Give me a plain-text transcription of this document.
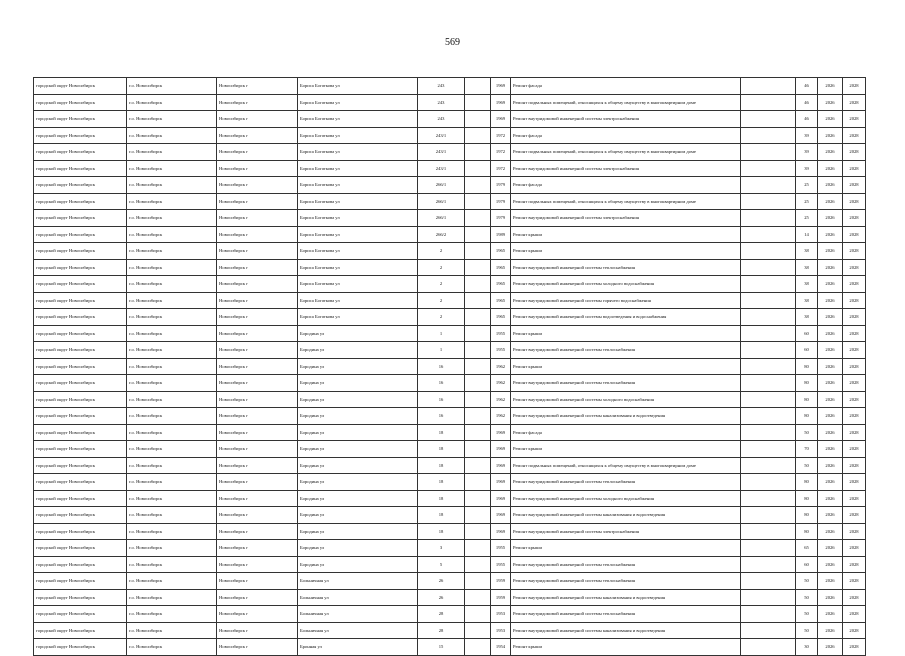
569
городской округ Новосибирск	г.о. Новосибирск	Новосибирск г	Бориса Богаткова ул	243		1969	Ремонт фасада		46	2026	2028
городской округ Новосибирск	г.о. Новосибирск	Новосибирск г	Бориса Богаткова ул	243		1969	Ремонт подвальных помещений, относящихся к общему имуществу в многоквартирном доме		46	2026	2028
городской округ Новосибирск	г.о. Новосибирск	Новосибирск г	Бориса Богаткова ул	243		1969	Ремонт внутридомовой инженерной системы электроснабжения		46	2026	2028
городской округ Новосибирск	г.о. Новосибирск	Новосибирск г	Бориса Богаткова ул	243/1		1972	Ремонт фасада		39	2026	2028
городской округ Новосибирск	г.о. Новосибирск	Новосибирск г	Бориса Богаткова ул	243/1		1972	Ремонт подвальных помещений, относящихся к общему имуществу в многоквартирном доме		39	2026	2028
городской округ Новосибирск	г.о. Новосибирск	Новосибирск г	Бориса Богаткова ул	243/1		1972	Ремонт внутридомовой инженерной системы электроснабжения		39	2026	2028
городской округ Новосибирск	г.о. Новосибирск	Новосибирск г	Бориса Богаткова ул	266/1		1979	Ремонт фасада		25	2026	2028
городской округ Новосибирск	г.о. Новосибирск	Новосибирск г	Бориса Богаткова ул	266/1		1979	Ремонт подвальных помещений, относящихся к общему имуществу в многоквартирном доме		25	2026	2028
городской округ Новосибирск	г.о. Новосибирск	Новосибирск г	Бориса Богаткова ул	266/1		1979	Ремонт внутридомовой инженерной системы электроснабжения		25	2026	2028
городской округ Новосибирск	г.о. Новосибирск	Новосибирск г	Бориса Богаткова ул	266/2		1989	Ремонт крыши		14	2026	2028
городской округ Новосибирск	г.о. Новосибирск	Новосибирск г	Бориса Богаткова ул	2		1965	Ремонт крыши		38	2026	2028
городской округ Новосибирск	г.о. Новосибирск	Новосибирск г	Бориса Богаткова ул	2		1965	Ремонт внутридомовой инженерной системы теплоснабжения		38	2026	2028
городской округ Новосибирск	г.о. Новосибирск	Новосибирск г	Бориса Богаткова ул	2		1965	Ремонт внутридомовой инженерной системы холодного водоснабжения		38	2026	2028
городской округ Новосибирск	г.о. Новосибирск	Новосибирск г	Бориса Богаткова ул	2		1965	Ремонт внутридомовой инженерной системы горячего водоснабжения		38	2026	2028
городской округ Новосибирск	г.о. Новосибирск	Новосибирск г	Бориса Богаткова ул	2		1965	Ремонт внутридомовой инженерной системы водоотведения и водоснабжения		38	2026	2028
городской округ Новосибирск	г.о. Новосибирск	Новосибирск г	Бородина ул	1		1955	Ремонт крыши		60	2026	2028
городской округ Новосибирск	г.о. Новосибирск	Новосибирск г	Бородина ул	1		1955	Ремонт внутридомовой инженерной системы теплоснабжения		60	2026	2028
городской округ Новосибирск	г.о. Новосибирск	Новосибирск г	Бородина ул	16		1962	Ремонт крыши		80	2026	2028
городской округ Новосибирск	г.о. Новосибирск	Новосибирск г	Бородина ул	16		1962	Ремонт внутридомовой инженерной системы теплоснабжения		80	2026	2028
городской округ Новосибирск	г.о. Новосибирск	Новосибирск г	Бородина ул	16		1962	Ремонт внутридомовой инженерной системы холодного водоснабжения		80	2026	2028
городской округ Новосибирск	г.о. Новосибирск	Новосибирск г	Бородина ул	16		1962	Ремонт внутридомовой инженерной системы канализования и водоотведения		80	2026	2028
городской округ Новосибирск	г.о. Новосибирск	Новосибирск г	Бородина ул	18		1969	Ремонт фасада		50	2026	2028
городской округ Новосибирск	г.о. Новосибирск	Новосибирск г	Бородина ул	18		1969	Ремонт крыши		70	2026	2028
городской округ Новосибирск	г.о. Новосибирск	Новосибирск г	Бородина ул	18		1969	Ремонт подвальных помещений, относящихся к общему имуществу в многоквартирном доме		50	2026	2028
городской округ Новосибирск	г.о. Новосибирск	Новосибирск г	Бородина ул	18		1969	Ремонт внутридомовой инженерной системы теплоснабжения		80	2026	2028
городской округ Новосибирск	г.о. Новосибирск	Новосибирск г	Бородина ул	18		1969	Ремонт внутридомовой инженерной системы холодного водоснабжения		80	2026	2028
городской округ Новосибирск	г.о. Новосибирск	Новосибирск г	Бородина ул	18		1969	Ремонт внутридомовой инженерной системы канализования и водоотведения		80	2026	2028
городской округ Новосибирск	г.о. Новосибирск	Новосибирск г	Бородина ул	18		1969	Ремонт внутридомовой инженерной системы электроснабжения		80	2026	2028
городской округ Новосибирск	г.о. Новосибирск	Новосибирск г	Бородина ул	3		1955	Ремонт крыши		65	2026	2028
городской округ Новосибирск	г.о. Новосибирск	Новосибирск г	Бородина ул	5		1955	Ремонт внутридомовой инженерной системы теплоснабжения		60	2026	2028
городской округ Новосибирск	г.о. Новосибирск	Новосибирск г	Больничная ул	26		1959	Ремонт внутридомовой инженерной системы теплоснабжения		50	2026	2028
городской округ Новосибирск	г.о. Новосибирск	Новосибирск г	Больничная ул	26		1959	Ремонт внутридомовой инженерной системы канализования и водоотведения		50	2026	2028
городской округ Новосибирск	г.о. Новосибирск	Новосибирск г	Больничная ул	28		1953	Ремонт внутридомовой инженерной системы теплоснабжения		50	2026	2028
городской округ Новосибирск	г.о. Новосибирск	Новосибирск г	Больничная ул	28		1953	Ремонт внутридомовой инженерной системы канализования и водоотведения		50	2026	2028
городской округ Новосибирск	г.о. Новосибирск	Новосибирск г	Бронная ул	15		1954	Ремонт крыши		30	2026	2028
